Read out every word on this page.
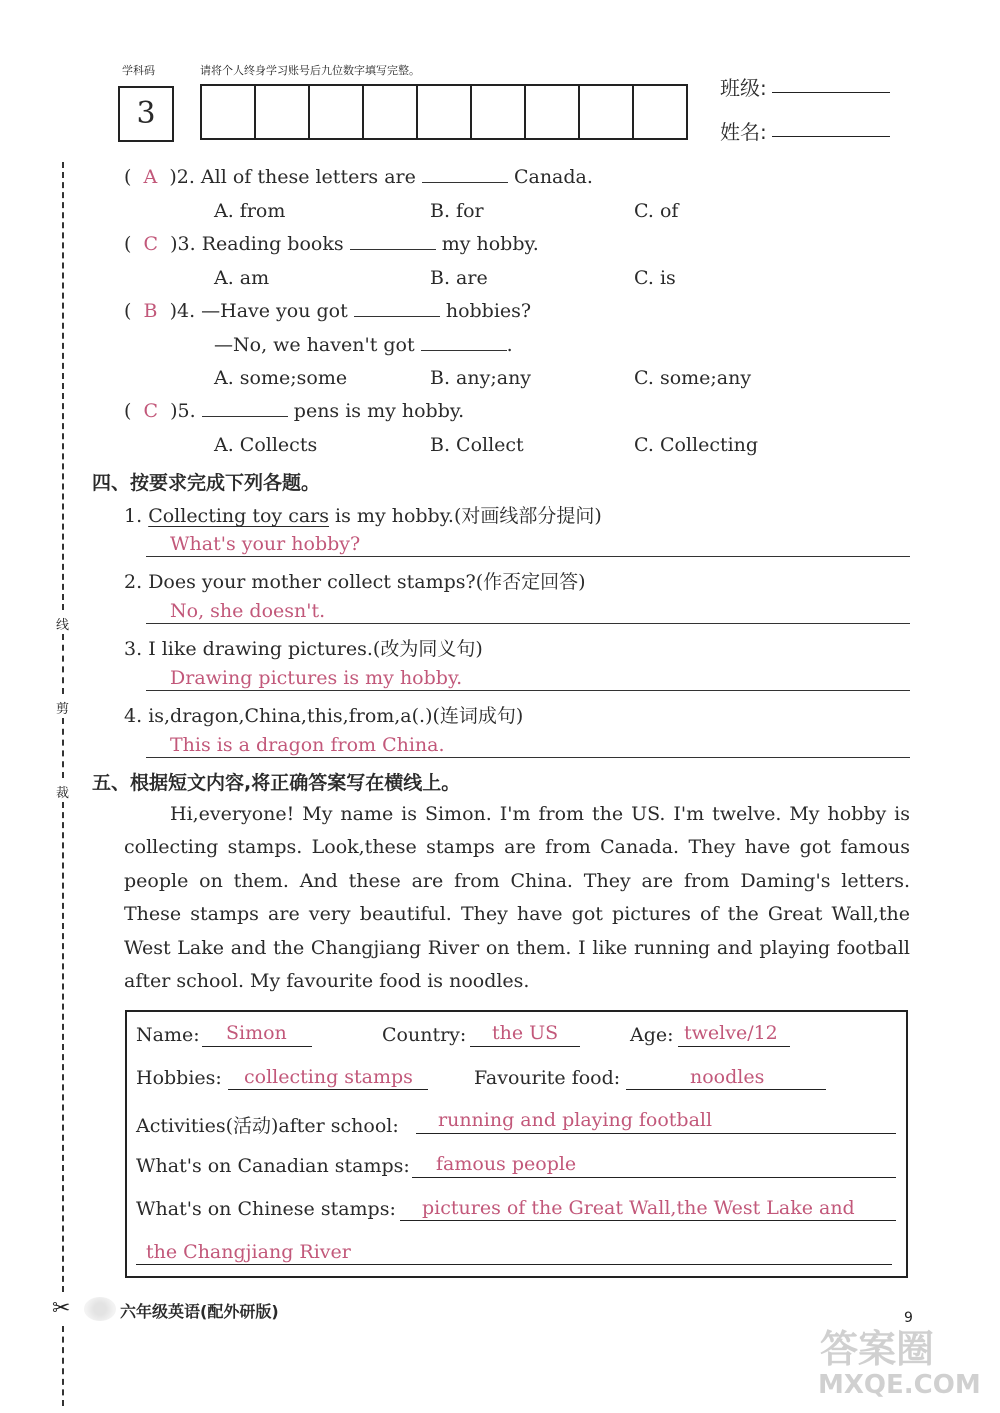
学科码	请将个人终身学习账号后九位数字填写完整。
3
班级:
姓名:
线
剪
裁
✂
(  A )2. All of these letters are	Canada.
A. from	B. for	C. of
(  C )3. Reading books	my hobby.
A. am	B. are	C. is
(  B )4. —Have you got	hobbies?
—No, we haven't got	.
A. some;some	B. any;any	C. some;any
(  C )5.	pens is my hobby.
A. Collects	B. Collect	C. Collecting
四、按要求完成下列各题。
1. Collecting toy cars is my hobby.(对画线部分提问)
What's your hobby?
2. Does your mother collect stamps?(作否定回答)
No, she doesn't.
3. I like drawing pictures.(改为同义句)
Drawing pictures is my hobby.
4. is,dragon,China,this,from,a(.)(连词成句)
This is a dragon from China.
五、根据短文内容,将正确答案写在横线上。

Hi,everyone! My name is Simon. I'm from the US. I'm twelve. My hobby is collecting stamps. Look,these stamps are from Canada. They have got famous people on them. And these are from China. They are from Daming's letters. These stamps are very beautiful. They have got pictures of the Great Wall,the West Lake and the Changjiang River on them. I like running and playing football after school. My favourite food is noodles.

Name: Simon	Country: the US	Age: twelve/12
Hobbies: collecting stamps	Favourite food:	noodles
Activities(活动)after school: running and playing football
What's on Canadian stamps: famous people
What's on Chinese stamps: pictures of the Great Wall,the West Lake and
the Changjiang River
六年级英语(配外研版)	9
答案圈
MXQE.COM
